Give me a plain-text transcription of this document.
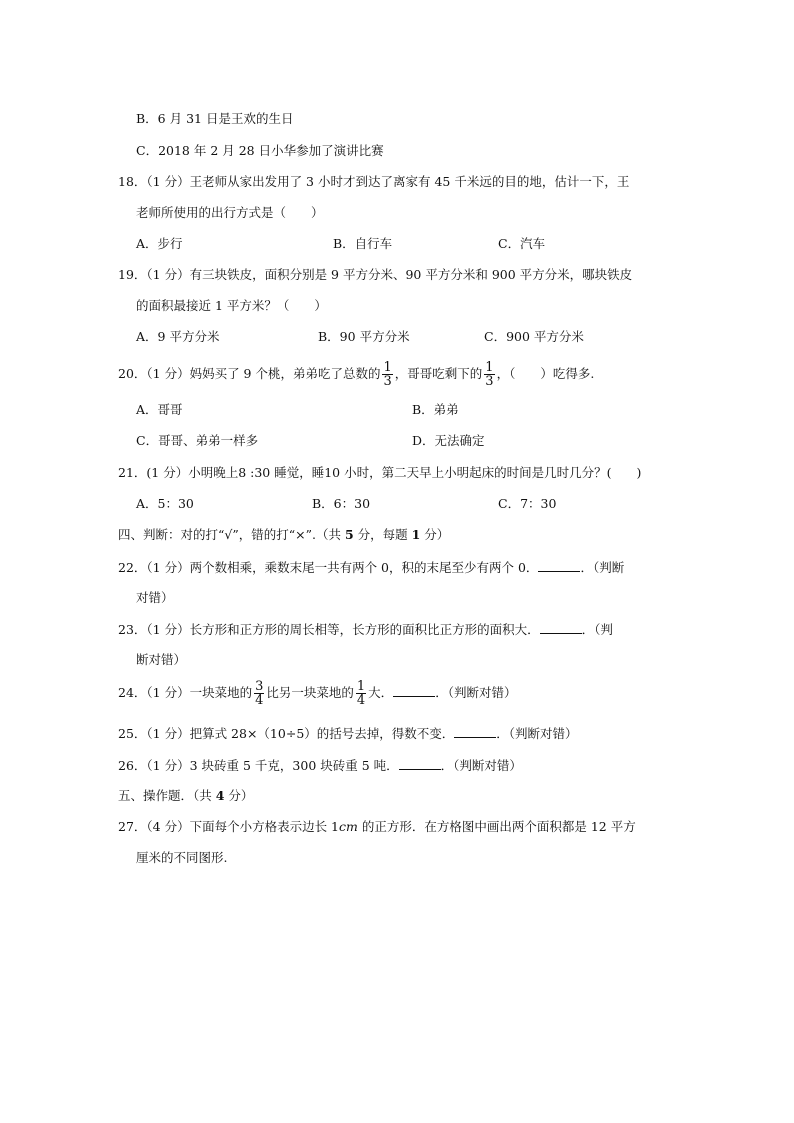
B．6 月 31 日是王欢的生日
C．2018 年 2 月 28 日小华参加了演讲比赛
18．（1 分）王老师从家出发用了 3 小时才到达了离家有 45 千米远的目的地，估计一下，王
老师所使用的出行方式是（　　）
A．步行	B．自行车	C．汽车
19．（1 分）有三块铁皮，面积分别是 9 平方分米、90 平方分米和 900 平方分米，哪块铁皮
的面积最接近 1 平方米？（　　）
A．9 平方分米	B．90 平方分米	C．900 平方分米
20．（1 分）妈妈买了 9 个桃，弟弟吃了总数的 $\frac{1}{3}$ ，哥哥吃剩下的 $\frac{1}{3}$ ，（　　）吃得多.
A．哥哥	B．弟弟
C．哥哥、弟弟一样多	D．无法确定
21．(1 分）小明晚上8 :30 睡觉，睡10 小时，第二天早上小明起床的时间是几时几分？(　　)
A．5：30	B．6：30	C．7：30
四、判断：对的打“√”，错的打“×”.（共 5 分，每题 1 分）
22．（1 分）两个数相乘，乘数末尾一共有两个 0，积的末尾至少有两个 0．	．（判断
对错）
23．（1 分）长方形和正方形的周长相等，长方形的面积比正方形的面积大．	．（判
断对错）
24．（1 分）一块菜地的 $\frac{3}{4}$ 比另一块菜地的 $\frac{1}{4}$ 大．	．（判断对错）
25．（1 分）把算式 28×（10÷5）的括号去掉，得数不变．	．（判断对错）
26．（1 分）3 块砖重 5 千克，300 块砖重 5 吨．	．（判断对错）
五、操作题．（共 4 分）
27．（4 分）下面每个小方格表示边长 1cm 的正方形．在方格图中画出两个面积都是 12 平方
厘米的不同图形.
